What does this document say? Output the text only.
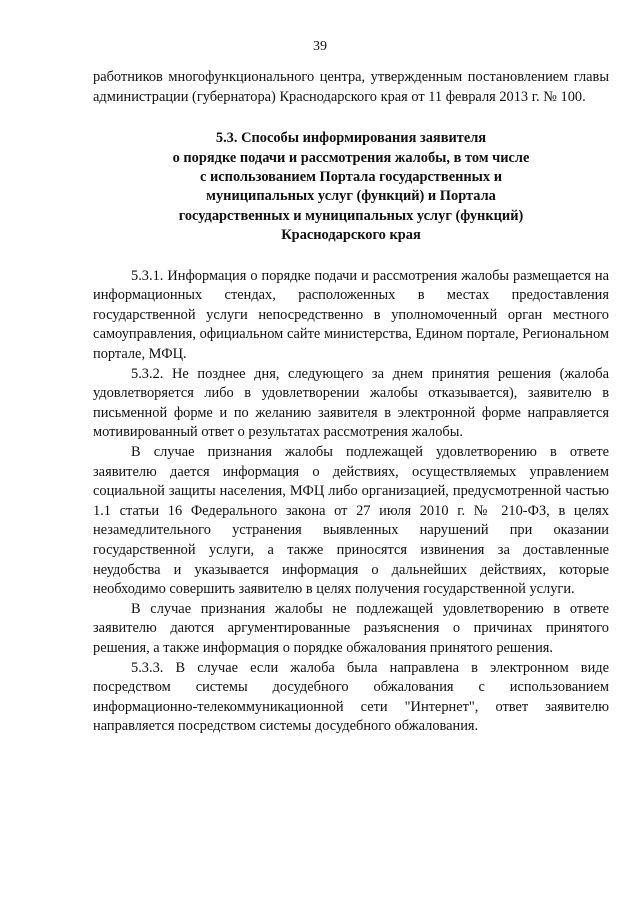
39

работников многофункционального центра, утвержденным постановлением главы администрации (губернатора) Краснодарского края от 11 февраля 2013 г. № 100.

5.3. Способы информирования заявителя
о порядке подачи и рассмотрения жалобы, в том числе
с использованием Портала государственных и
муниципальных услуг (функций) и Портала
государственных и муниципальных услуг (функций)
Краснодарского края

5.3.1. Информация о порядке подачи и рассмотрения жалобы размещается на информационных стендах, расположенных в местах предоставления государственной услуги непосредственно в уполномоченный орган местного самоуправления, официальном сайте министерства, Едином портале, Региональном портале, МФЦ.

5.3.2. Не позднее дня, следующего за днем принятия решения (жалоба удовлетворяется либо в удовлетворении жалобы отказывается), заявителю в письменной форме и по желанию заявителя в электронной форме направляется мотивированный ответ о результатах рассмотрения жалобы.

В случае признания жалобы подлежащей удовлетворению в ответе заявителю дается информация о действиях, осуществляемых управлением социальной защиты населения, МФЦ либо организацией, предусмотренной частью 1.1 статьи 16 Федерального закона от 27 июля 2010 г. № 210-ФЗ, в целях незамедлительного устранения выявленных нарушений при оказании государственной услуги, а также приносятся извинения за доставленные неудобства и указывается информация о дальнейших действиях, которые необходимо совершить заявителю в целях получения государственной услуги.

В случае признания жалобы не подлежащей удовлетворению в ответе заявителю даются аргументированные разъяснения о причинах принятого решения, а также информация о порядке обжалования принятого решения.

5.3.3. В случае если жалоба была направлена в электронном виде посредством системы досудебного обжалования с использованием информационно-телекоммуникационной сети "Интернет", ответ заявителю направляется посредством системы досудебного обжалования.
